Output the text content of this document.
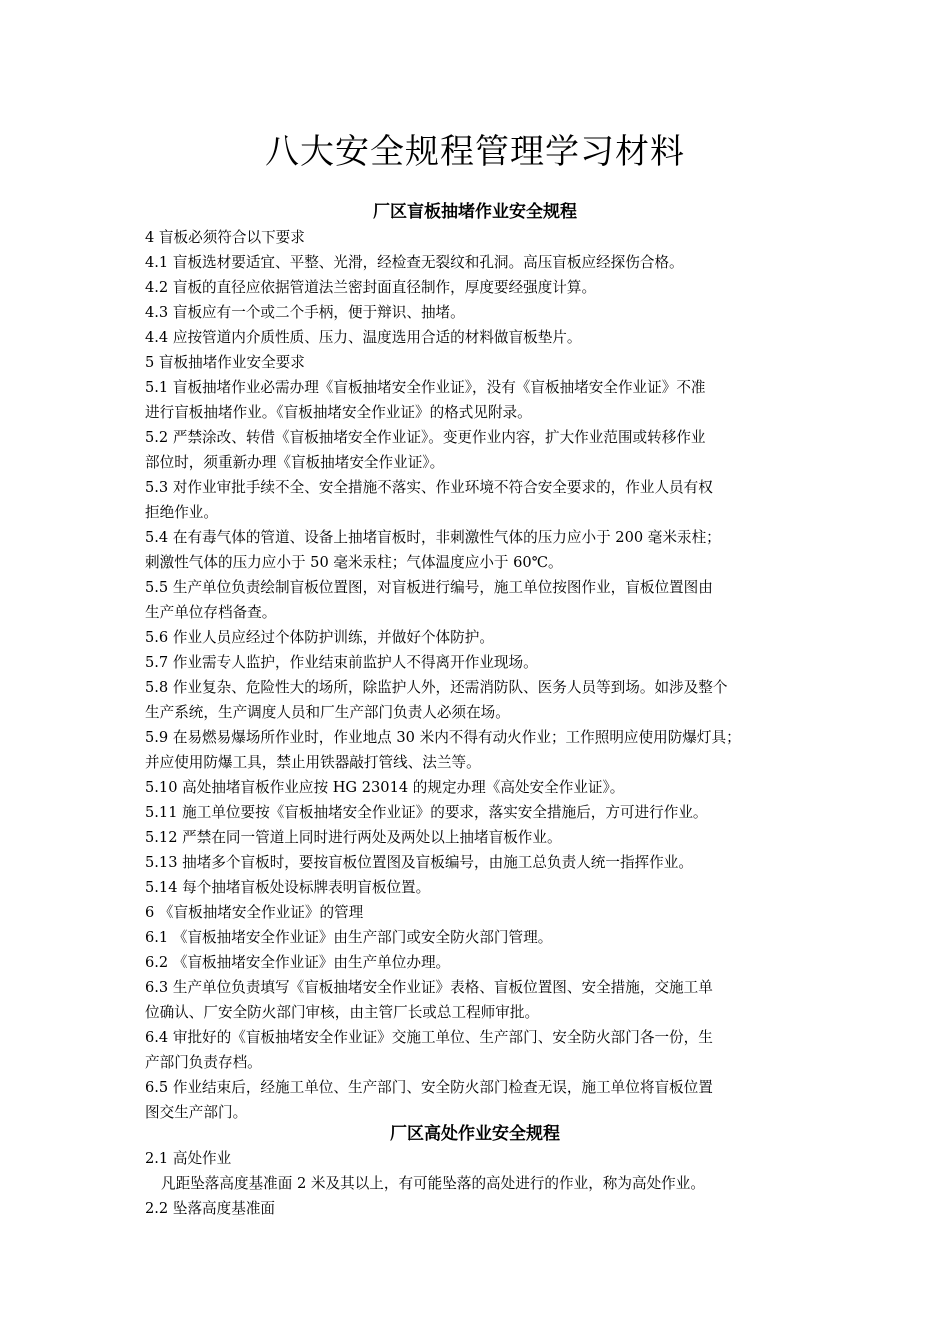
八大安全规程管理学习材料
厂区盲板抽堵作业安全规程
4 盲板必须符合以下要求
4.1 盲板选材要适宜、平整、光滑，经检查无裂纹和孔洞。高压盲板应经探伤合格。
4.2 盲板的直径应依据管道法兰密封面直径制作，厚度要经强度计算。
4.3 盲板应有一个或二个手柄，便于辩识、抽堵。
4.4 应按管道内介质性质、压力、温度选用合适的材料做盲板垫片。
5 盲板抽堵作业安全要求
5.1 盲板抽堵作业必需办理《盲板抽堵安全作业证》，没有《盲板抽堵安全作业证》不准
进行盲板抽堵作业。《盲板抽堵安全作业证》的格式见附录。
5.2 严禁涂改、转借《盲板抽堵安全作业证》。变更作业内容，扩大作业范围或转移作业
部位时，须重新办理《盲板抽堵安全作业证》。
5.3 对作业审批手续不全、安全措施不落实、作业环境不符合安全要求的，作业人员有权
拒绝作业。
5.4 在有毒气体的管道、设备上抽堵盲板时，非刺激性气体的压力应小于 200 毫米汞柱；
刺激性气体的压力应小于 50 毫米汞柱；气体温度应小于 60℃。
5.5 生产单位负责绘制盲板位置图，对盲板进行编号，施工单位按图作业，盲板位置图由
生产单位存档备查。
5.6 作业人员应经过个体防护训练，并做好个体防护。
5.7 作业需专人监护，作业结束前监护人不得离开作业现场。
5.8 作业复杂、危险性大的场所，除监护人外，还需消防队、医务人员等到场。如涉及整个
生产系统，生产调度人员和厂生产部门负责人必须在场。
5.9 在易燃易爆场所作业时，作业地点 30 米内不得有动火作业；工作照明应使用防爆灯具；
并应使用防爆工具，禁止用铁器敲打管线、法兰等。
5.10 高处抽堵盲板作业应按 HG 23014 的规定办理《高处安全作业证》。
5.11 施工单位要按《盲板抽堵安全作业证》的要求，落实安全措施后，方可进行作业。
5.12 严禁在同一管道上同时进行两处及两处以上抽堵盲板作业。
5.13 抽堵多个盲板时，要按盲板位置图及盲板编号，由施工总负责人统一指挥作业。
5.14 每个抽堵盲板处设标牌表明盲板位置。
6 《盲板抽堵安全作业证》的管理
6.1 《盲板抽堵安全作业证》由生产部门或安全防火部门管理。
6.2 《盲板抽堵安全作业证》由生产单位办理。
6.3 生产单位负责填写《盲板抽堵安全作业证》表格、盲板位置图、安全措施，交施工单
位确认、厂安全防火部门审核，由主管厂长或总工程师审批。
6.4 审批好的《盲板抽堵安全作业证》交施工单位、生产部门、安全防火部门各一份，生
产部门负责存档。
6.5 作业结束后，经施工单位、生产部门、安全防火部门检查无误，施工单位将盲板位置
图交生产部门。
厂区高处作业安全规程
2.1 高处作业
凡距坠落高度基准面 2 米及其以上，有可能坠落的高处进行的作业，称为高处作业。
2.2 坠落高度基准面
